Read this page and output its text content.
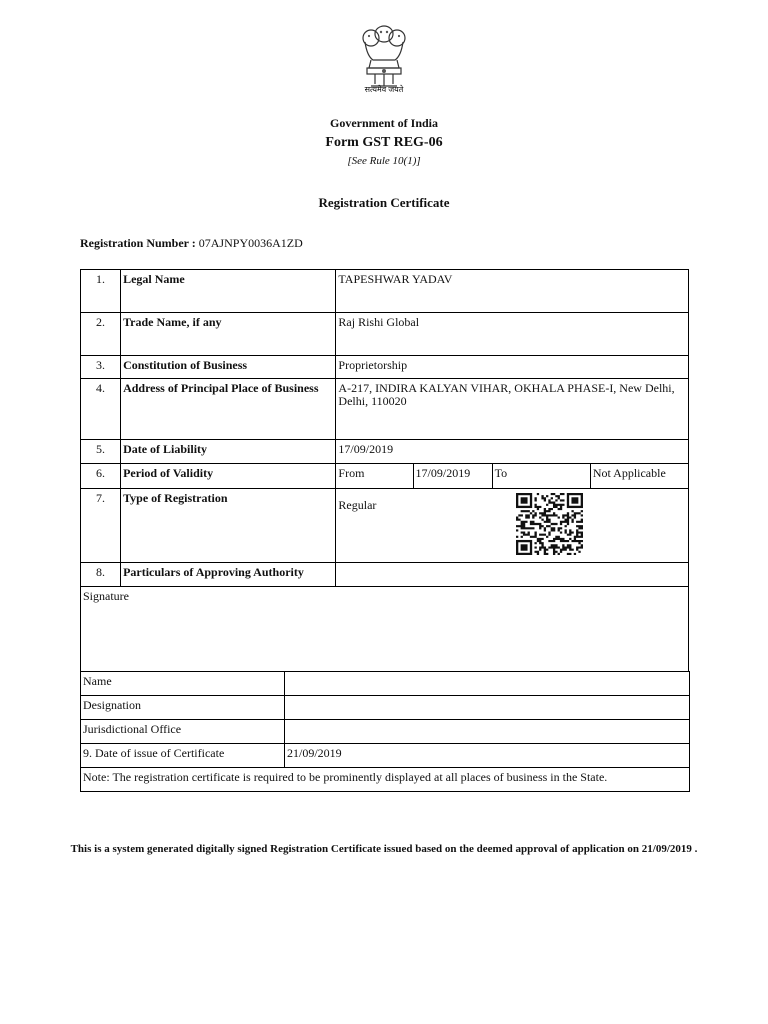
सत्यमेव जयते
Government of India
Form GST REG-06
[See Rule 10(1)]
Registration Certificate
Registration Number : 07AJNPY0036A1ZD
1.	Legal Name	TAPESHWAR YADAV			
2.	Trade Name, if any	Raj Rishi Global			
3.	Constitution of Business	Proprietorship			
4.	Address of Principal Place of Business	A-217, INDIRA KALYAN VIHAR, OKHALA PHASE-I, New Delhi, Delhi, 110020			
5.	Date of Liability	17/09/2019			
6.	Period of Validity	From	17/09/2019	To	Not Applicable
7.	Type of Registration	Regular			
8.	Particulars of Approving Authority				
Signature
Name	
Designation	
Jurisdictional Office	
9. Date of issue of Certificate	21/09/2019
Note: The registration certificate is required to be prominently displayed at all places of business in the State.	
This is a system generated digitally signed Registration Certificate issued based on the deemed approval of application on 21/09/2019 .
